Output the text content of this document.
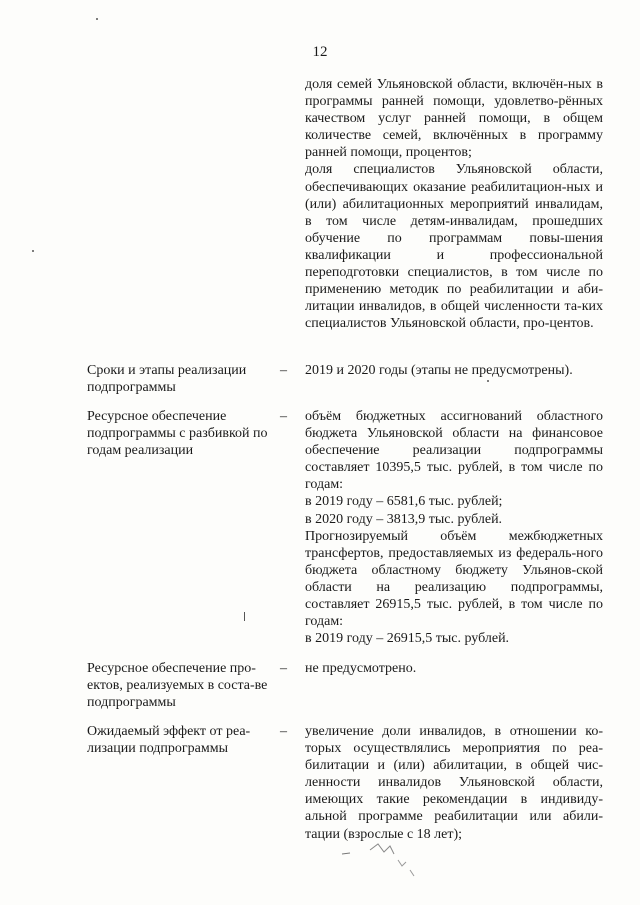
12

доля семей Ульяновской области, включён-ных в программы ранней помощи, удовлетво-рённых качеством услуг ранней помощи, в общем количестве семей, включённых в программу ранней помощи, процентов;

доля специалистов Ульяновской области, обеспечивающих оказание реабилитацион-ных и (или) абилитационных мероприятий инвалидам, в том числе детям-инвалидам, прошедших обучение по программам повы-шения квалификации и профессиональной переподготовки специалистов, в том числе по применению методик по реабилитации и аби-литации инвалидов, в общей численности та-ких специалистов Ульяновской области, про-центов.

Сроки и этапы реализации подпрограммы
– 2019 и 2020 годы (этапы не предусмотрены).

Ресурсное обеспечение подпрограммы с разбивкой по годам реализации
– объём бюджетных ассигнований областного бюджета Ульяновской области на финансовое обеспечение реализации подпрограммы составляет 10395,5 тыс. рублей, в том числе по годам:

в 2019 году – 6581,6 тыс. рублей;

в 2020 году – 3813,9 тыс. рублей.

Прогнозируемый объём межбюджетных трансфертов, предоставляемых из федераль-ного бюджета областному бюджету Ульянов-ской области на реализацию подпрограммы, составляет 26915,5 тыс. рублей, в том числе по годам:

в 2019 году – 26915,5 тыс. рублей.

Ресурсное обеспечение про-ектов, реализуемых в соста-ве подпрограммы
– не предусмотрено.

Ожидаемый эффект от реа-лизации подпрограммы
– увеличение доли инвалидов, в отношении ко-торых осуществлялись мероприятия по реа-билитации и (или) абилитации, в общей чис-ленности инвалидов Ульяновской области, имеющих такие рекомендации в индивиду-альной программе реабилитации или абили-тации (взрослые с 18 лет);
